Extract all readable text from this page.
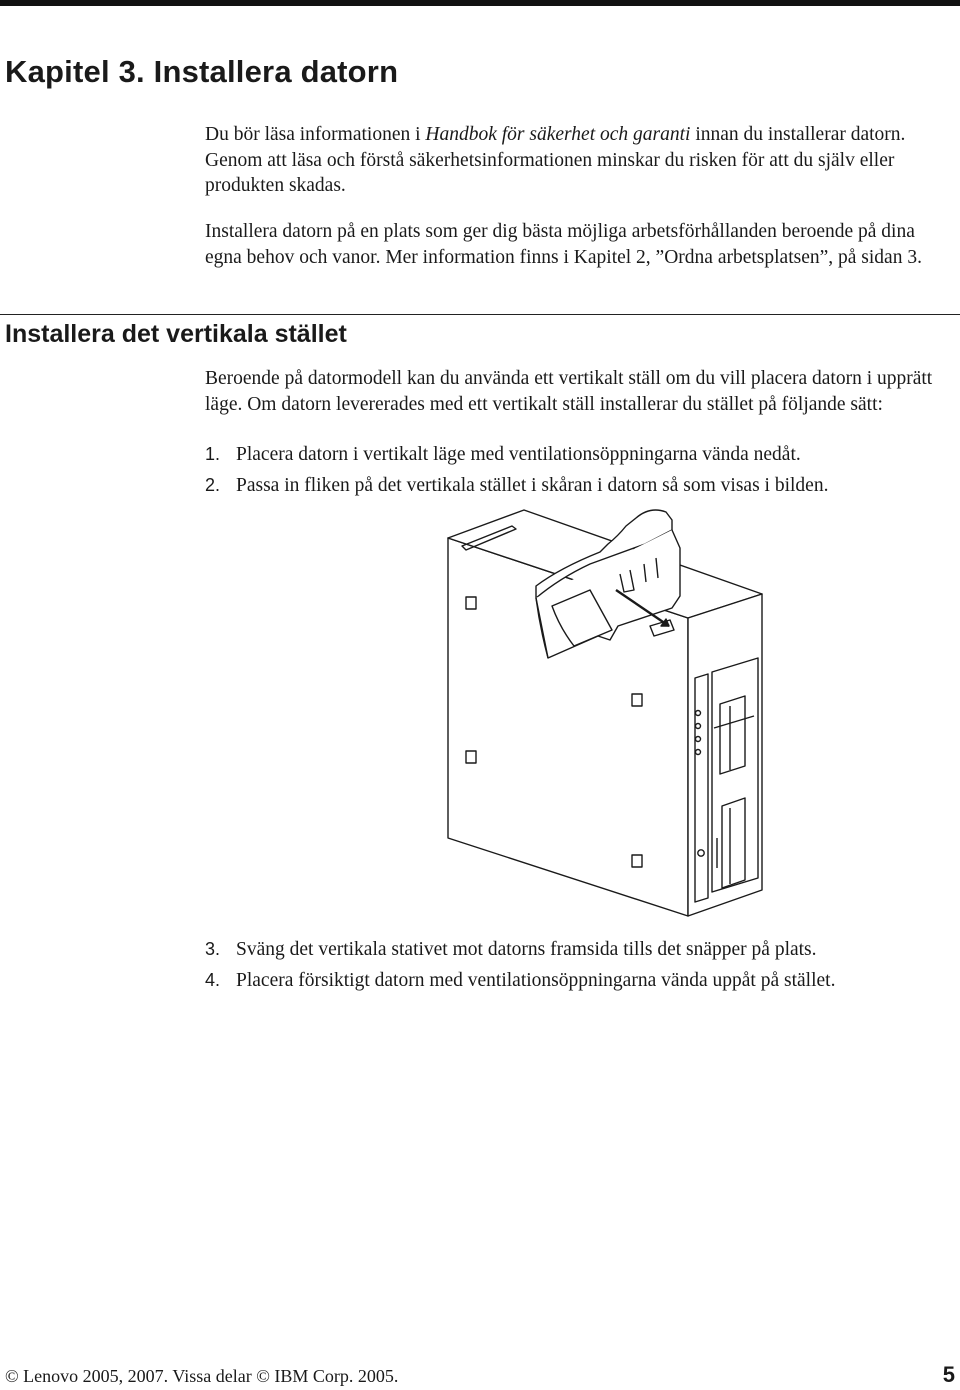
Kapitel 3. Installera datorn

Du bör läsa informationen i Handbok för säkerhet och garanti innan du installerar datorn. Genom att läsa och förstå säkerhetsinformationen minskar du risken för att du själv eller produkten skadas.

Installera datorn på en plats som ger dig bästa möjliga arbetsförhållanden beroende på dina egna behov och vanor. Mer information finns i Kapitel 2, ”Ordna arbetsplatsen”, på sidan 3.

Installera det vertikala stället

Beroende på datormodell kan du använda ett vertikalt ställ om du vill placera datorn i upprätt läge. Om datorn levererades med ett vertikalt ställ installerar du stället på följande sätt:

1. Placera datorn i vertikalt läge med ventilationsöppningarna vända nedåt.
2. Passa in fliken på det vertikala stället i skåran i datorn så som visas i bilden.
3. Sväng det vertikala stativet mot datorns framsida tills det snäpper på plats.
4. Placera försiktigt datorn med ventilationsöppningarna vända uppåt på stället.
© Lenovo 2005, 2007. Vissa delar © IBM Corp. 2005.	5
